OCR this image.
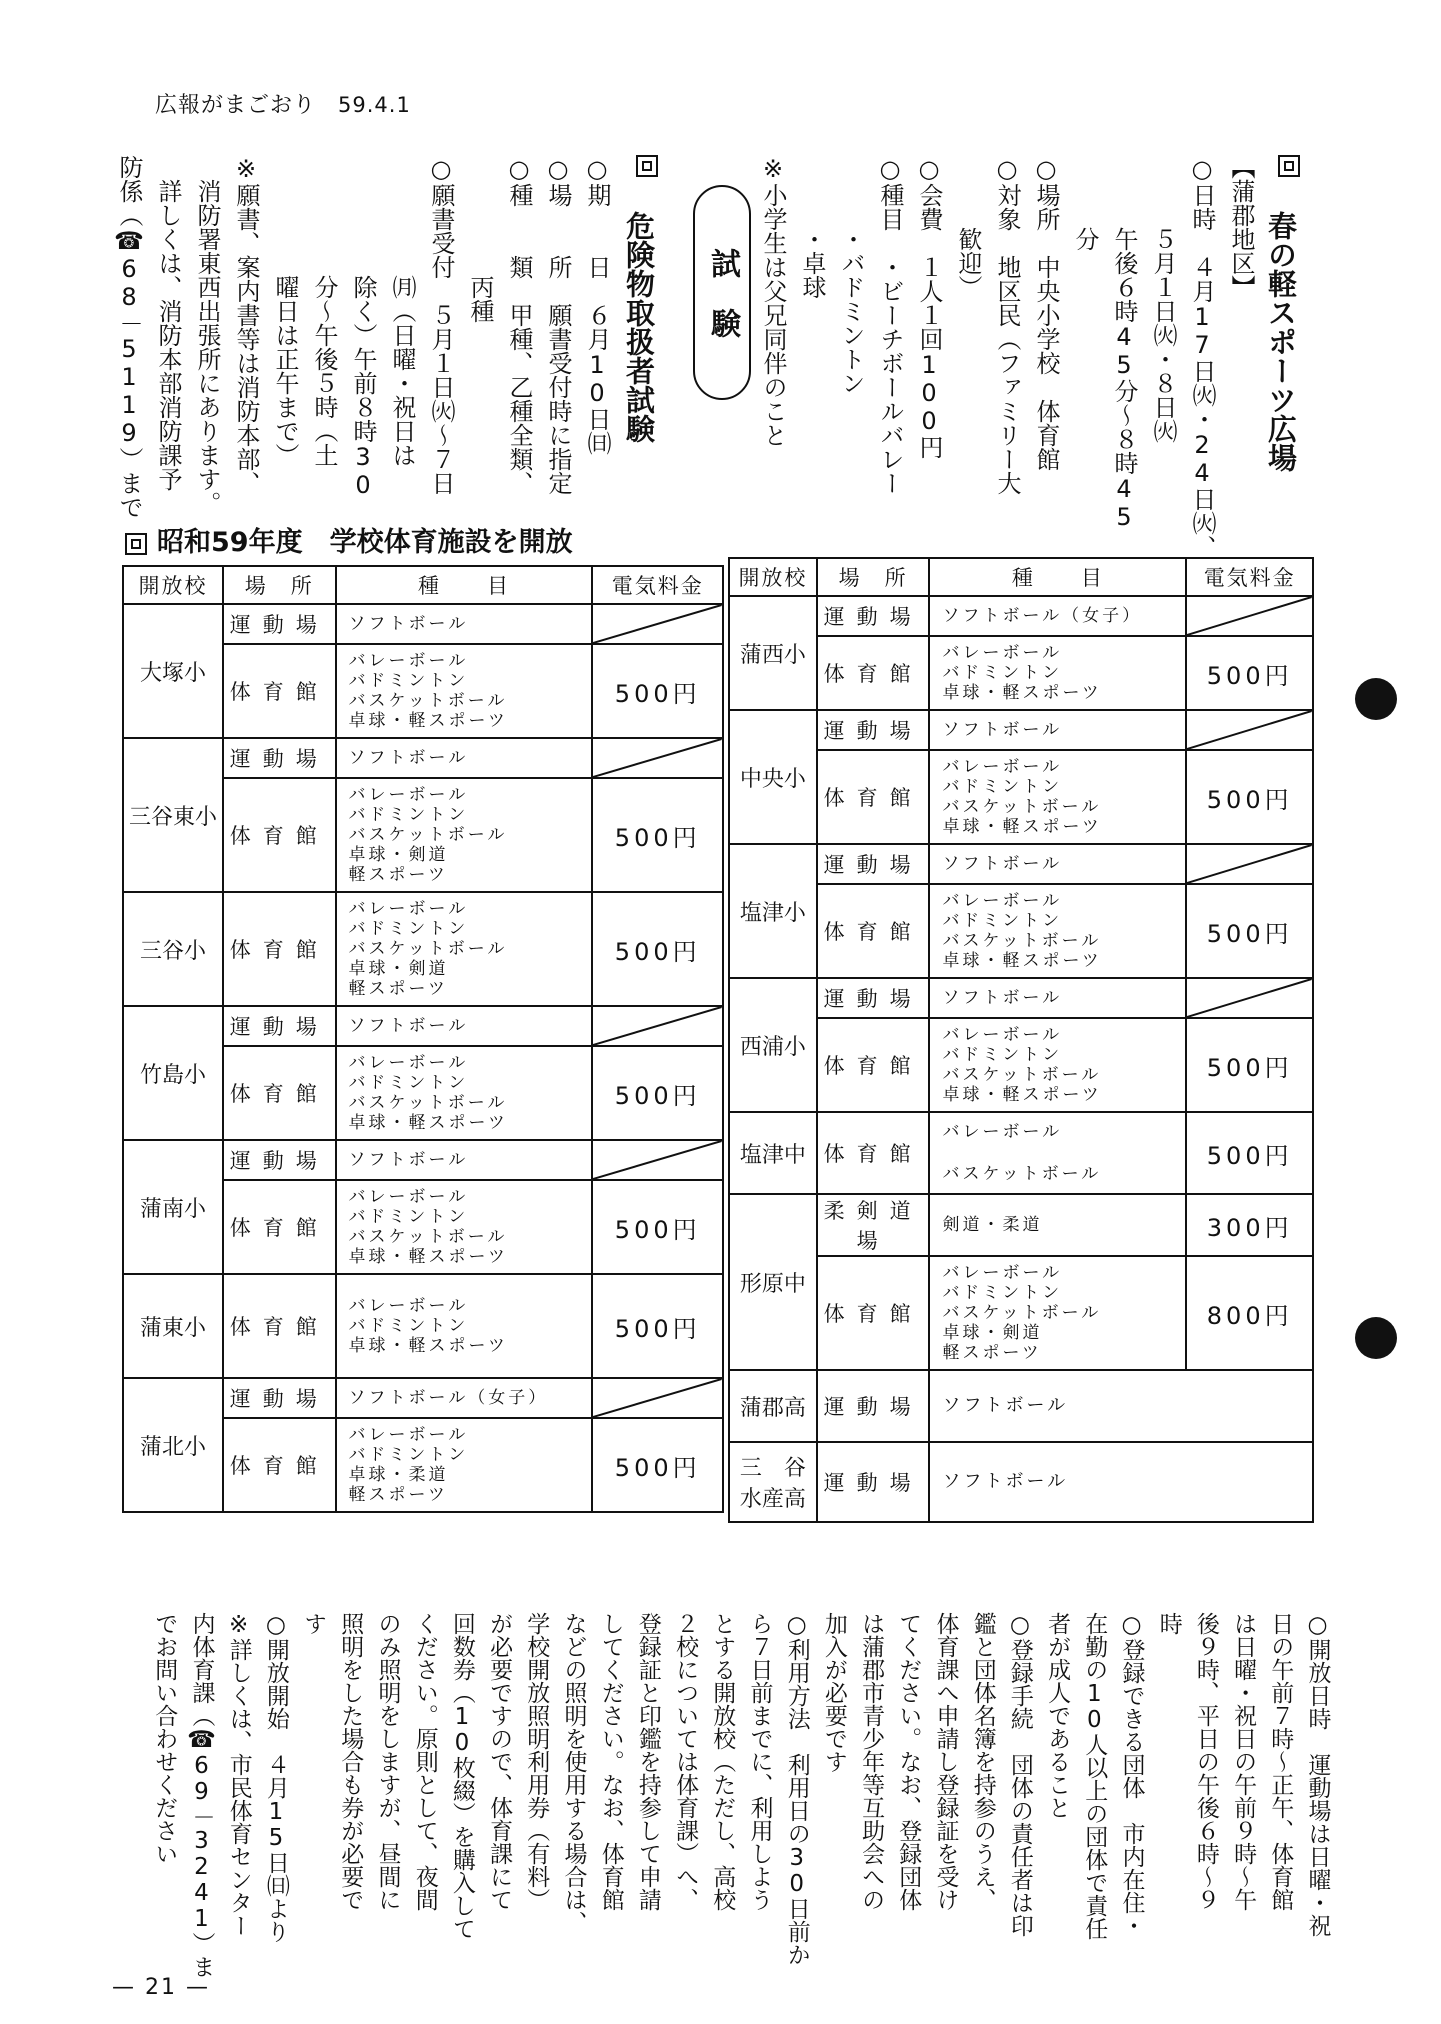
広報がまごおり 59.4.1
春の軽スポーツ広場
【蒲郡地区】
○日時　４月17日㈫・24日㈫、
　　　５月１日㈫・８日㈫
　　　午後６時45分～８時45
　　　分
○場所　中央小学校　体育館
○対象　地区民（ファミリー大
　　　歓迎）
○会費　１人１回100円
○種目　・ビーチボールバレー
　　　・バドミントン
　　　・卓球
※小学生は父兄同伴のこと
試　験
危険物取扱者試験
○期　　日　６月10日㈰
○場　　所　願書受付時に指定
○種　　類　甲種、乙種全類、
　　　　　丙種
○願書受付　５月１日㈫～７日
　　　　　㈪（日曜・祝日は
　　　　　除く）午前８時30
　　　　　分～午後５時（土
　　　　　曜日は正午まで）
※願書、案内書等は消防本部、
　消防署東西出張所にあります。
　詳しくは、消防本部消防課予
防係（☎68－5119）まで
昭和59年度　学校体育施設を開放
開放校	場　所	種　　目	電気料金
大塚小	運動場	ソフトボール

	体育館	バレーボール
バドミントン
バスケットボール
卓球・軽スポーツ	500円
三谷東小	運動場	ソフトボール

	体育館	バレーボール
バドミントン
バスケットボール
卓球・剣道
軽スポーツ	500円
三谷小	体育館	バレーボール
バドミントン
バスケットボール
卓球・剣道
軽スポーツ	500円
竹島小	運動場	ソフトボール

	体育館	バレーボール
バドミントン
バスケットボール
卓球・軽スポーツ	500円
蒲南小	運動場	ソフトボール

	体育館	バレーボール
バドミントン
バスケットボール
卓球・軽スポーツ	500円
蒲東小	体育館	バレーボール
バドミントン
卓球・軽スポーツ	500円
蒲北小	運動場	ソフトボール（女子）

	体育館	バレーボール
バドミントン
卓球・柔道
軽スポーツ	500円
開放校	場　所	種　　目	電気料金
蒲西小	運動場	ソフトボール（女子）

	体育館	バレーボール
バドミントン
卓球・軽スポーツ	500円
中央小	運動場	ソフトボール

	体育館	バレーボール
バドミントン
バスケットボール
卓球・軽スポーツ	500円
塩津小	運動場	ソフトボール

	体育館	バレーボール
バドミントン
バスケットボール
卓球・軽スポーツ	500円
西浦小	運動場	ソフトボール

	体育館	バレーボール
バドミントン
バスケットボール
卓球・軽スポーツ	500円
塩津中	体育館	バレーボール

バスケットボール	500円
形原中	柔剣道場	剣道・柔道	300円
	体育館	バレーボール
バドミントン
バスケットボール
卓球・剣道
軽スポーツ	800円
蒲郡高	運動場	ソフトボール	

三　谷
水産高	運動場	ソフトボール	
○開放日時　運動場は日曜・祝
日の午前７時～正午、体育館
は日曜・祝日の午前９時～午
後９時、平日の午後６時～９
時
○登録できる団体　市内在住・
在勤の10人以上の団体で責任
者が成人であること
○登録手続　団体の責任者は印
鑑と団体名簿を持参のうえ、
体育課へ申請し登録証を受け
てください。なお、登録団体
は蒲郡市青少年等互助会への
加入が必要です
○利用方法　利用日の30日前か
ら７日前までに、利用しよう
とする開放校（ただし、高校
２校については体育課）へ、
登録証と印鑑を持参して申請
してください。なお、体育館
などの照明を使用する場合は、
学校開放照明利用券（有料）
が必要ですので、体育課にて
回数券（10枚綴）を購入して
ください。原則として、夜間
のみ照明をしますが、昼間に
照明をした場合も券が必要で
す
○開放開始　４月15日㈰より
※詳しくは、市民体育センター
内体育課（☎69－3241）ま
でお問い合わせください
— 21 —
